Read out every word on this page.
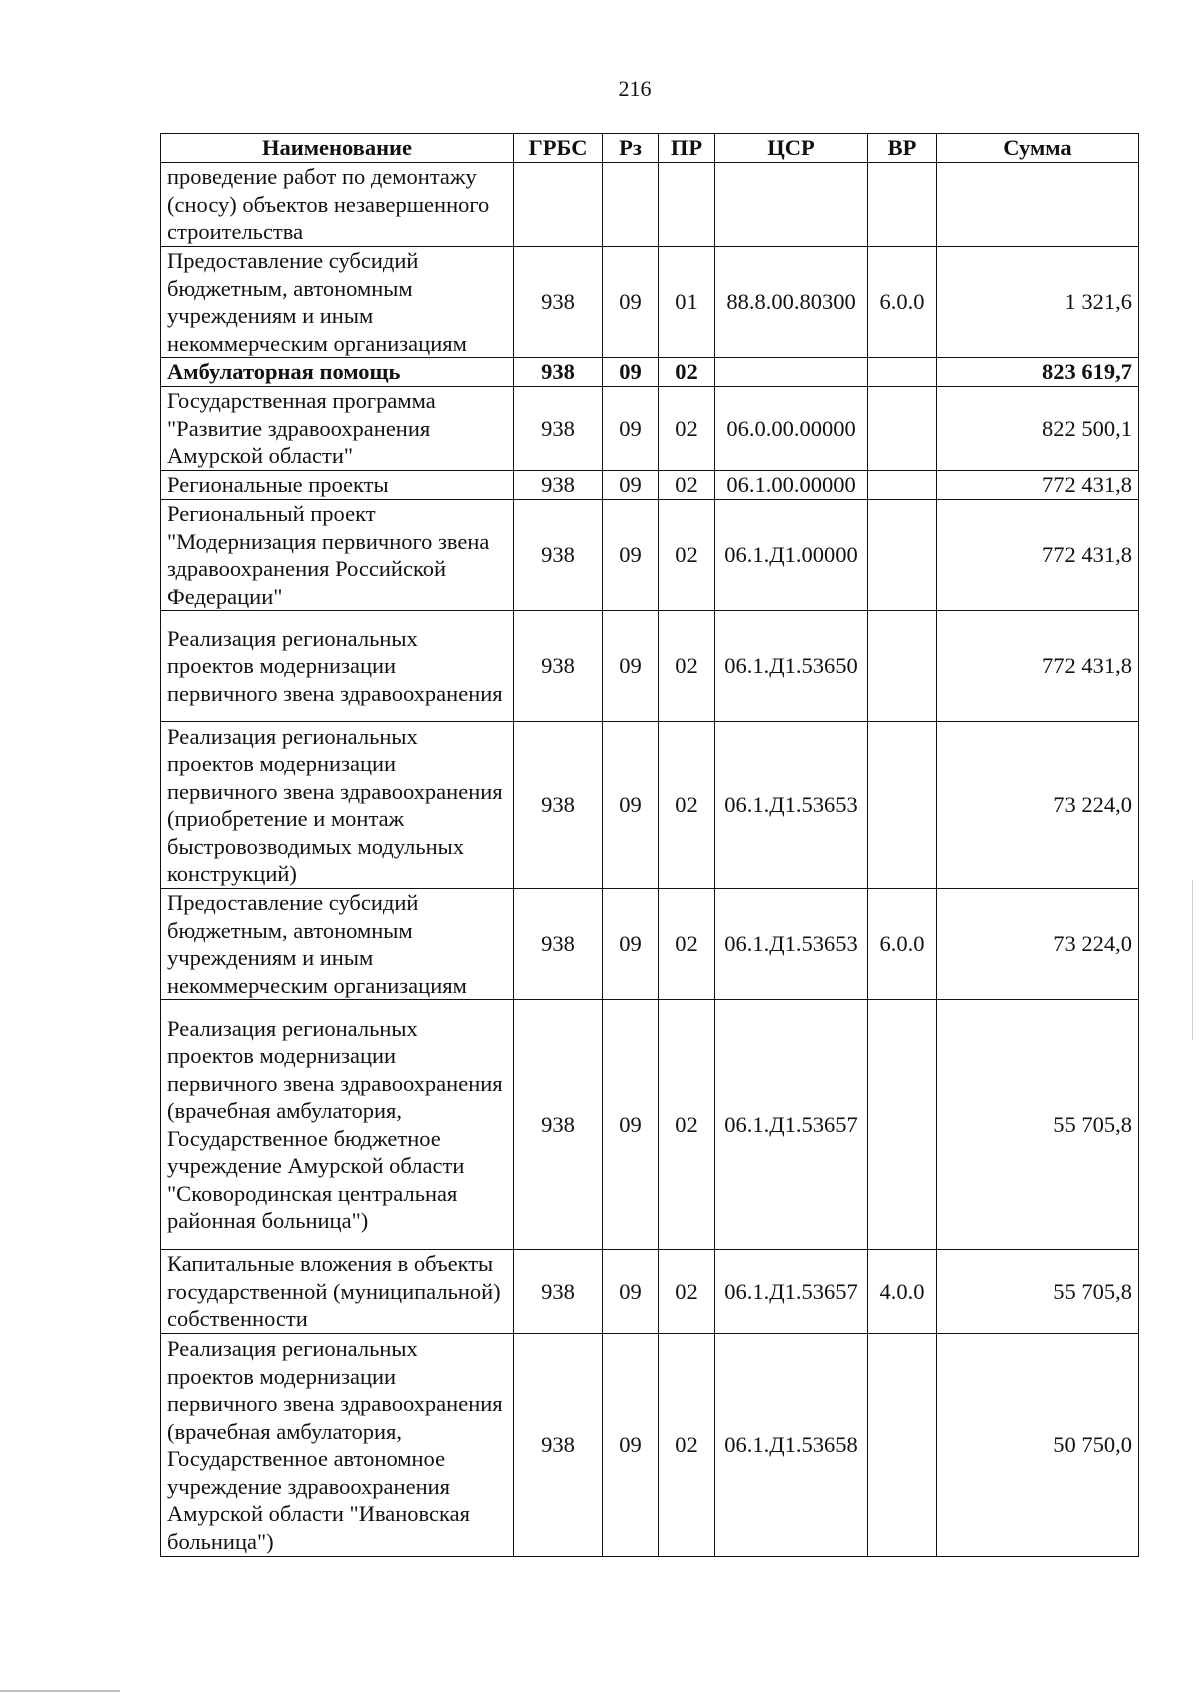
216
Наименование	ГРБС	Рз	ПР	ЦСР	ВР	Сумма
проведение работ по демонтажу (сносу) объектов незавершенного строительства						
Предоставление субсидий бюджетным, автономным учреждениям и иным некоммерческим организациям	938	09	01	88.8.00.80300	6.0.0	1 321,6
Амбулаторная помощь	938	09	02			823 619,7
Государственная программа "Развитие здравоохранения Амурской области"	938	09	02	06.0.00.00000		822 500,1
Региональные проекты	938	09	02	06.1.00.00000		772 431,8
Региональный проект "Модернизация первичного звена здравоохранения Российской Федерации"	938	09	02	06.1.Д1.00000		772 431,8
Реализация региональных проектов модернизации первичного звена здравоохранения	938	09	02	06.1.Д1.53650		772 431,8
Реализация региональных проектов модернизации первичного звена здравоохранения (приобретение и монтаж быстровозводимых модульных конструкций)	938	09	02	06.1.Д1.53653		73 224,0
Предоставление субсидий бюджетным, автономным учреждениям и иным некоммерческим организациям	938	09	02	06.1.Д1.53653	6.0.0	73 224,0
Реализация региональных проектов модернизации первичного звена здравоохранения (врачебная амбулатория, Государственное бюджетное учреждение Амурской области "Сковородинская центральная районная больница")	938	09	02	06.1.Д1.53657		55 705,8
Капитальные вложения в объекты государственной (муниципальной) собственности	938	09	02	06.1.Д1.53657	4.0.0	55 705,8
Реализация региональных проектов модернизации первичного звена здравоохранения (врачебная амбулатория, Государственное автономное учреждение здравоохранения Амурской области "Ивановская больница")	938	09	02	06.1.Д1.53658		50 750,0
